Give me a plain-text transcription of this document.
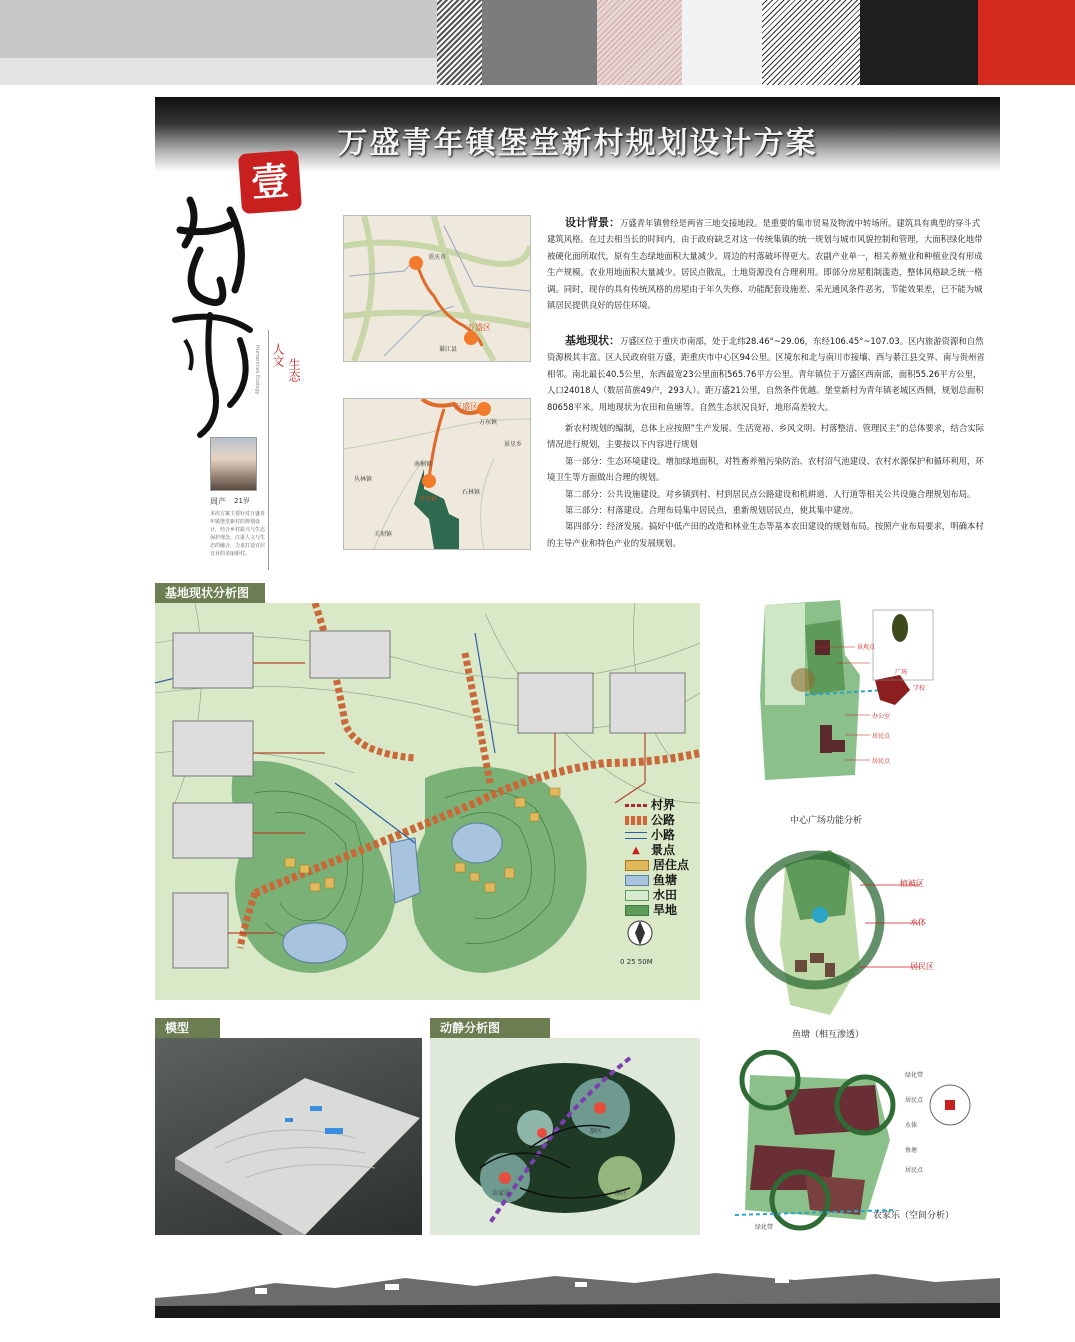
万盛青年镇堡堂新村规划设计方案
壹
人文
生态
Humanities Ecology
周产 21岁
本次方案主要针对万盛青年镇堡堂新村的规划设计，结合乡村振兴与生态保护理念，注重人文与生态的融合，力求打造宜居宜业的美丽新村。
万盛区
綦江县
重庆市
万盛区
石林镇
关坝镇
青年镇
景星乡
南桐镇
丛林镇
万东镇
设计背景：万盛青年镇曾经是两省三地交接地段。是重要的集市贸易及物流中转场所。建筑具有典型的穿斗式建筑风格。在过去相当长的时间内，由于政府缺乏对这一传统集镇的统一规划与城市风貌控制和管理，大面积绿化地带被硬化面所取代，原有生态绿地面积大量减少。周边的村落破坏得更大。农副产业单一，相关养殖业和种植业没有形成生产规模。农业用地面积大量减少。居民点散乱，土地资源没有合理利用。即部分房屋粗制滥造，整体风格缺乏统一格调。同时，现存的具有传统风格的房屋由于年久失修、功能配套设施差、采光通风条件恶劣，节能效果差，已不能为城镇居民提供良好的居住环境。
基地现状：万盛区位于重庆市南部，处于北纬28.46°~29.06，东经106.45°~107.03。区内旅游资源和自然资源极其丰富。区人民政府驻万盛，距重庆市中心区94公里。区境东和北与南川市接壤、西与綦江县交界、南与贵州省相邻。南北最长40.5公里，东西最宽23公里面积565.76平方公里。青年镇位于万盛区西南部，面积55.26平方公里，人口24018人（数居苗族49户，293人）。距万盛21公里，自然条件优越。堡堂新村为青年镇老城区西侧，规划总面积80658平米。用地现状为农田和鱼塘等。自然生态状况良好，地形高差较大。
新农村规划的编制，总体上应按照”生产发展、生活宽裕、乡风文明、村落整洁、管理民主”的总体要求，结合实际情况进行规划，主要按以下内容进行规划
第一部分：生态环境建设。增加绿地面积，对牲畜养殖污染防治、农村沼气池建设、农村水源保护和循环利用，环境卫生等方面做出合理的规划。
第二部分：公共设施建设。对乡镇到村、村到居民点公路建设和机耕道、人行道等相关公共设施合理规划布局。
第三部分：村落建设。合理布局集中居民点，重新规划居民点，使其集中建房。
第四部分：经济发展。搞好中低产田的改造和林业生态等基本农田建设的规划布局。按照产业布局要求，明确本村的主导产业和特色产业的发展规划。
基地现状分析图
0 25 50M
村界
公路
小路
▲ 景点
居住点
鱼塘
水田
旱地
模型	动静分析图
动区
静区
静区
农家乐
景观点
广场
学校
办公室
居民点
居民点
中心广场功能分析
植被区
水体
居民区
鱼塘（相互渗透）
绿化带
居民点
水体
鱼塘
居民点
绿化带
农家乐（空间分析）
